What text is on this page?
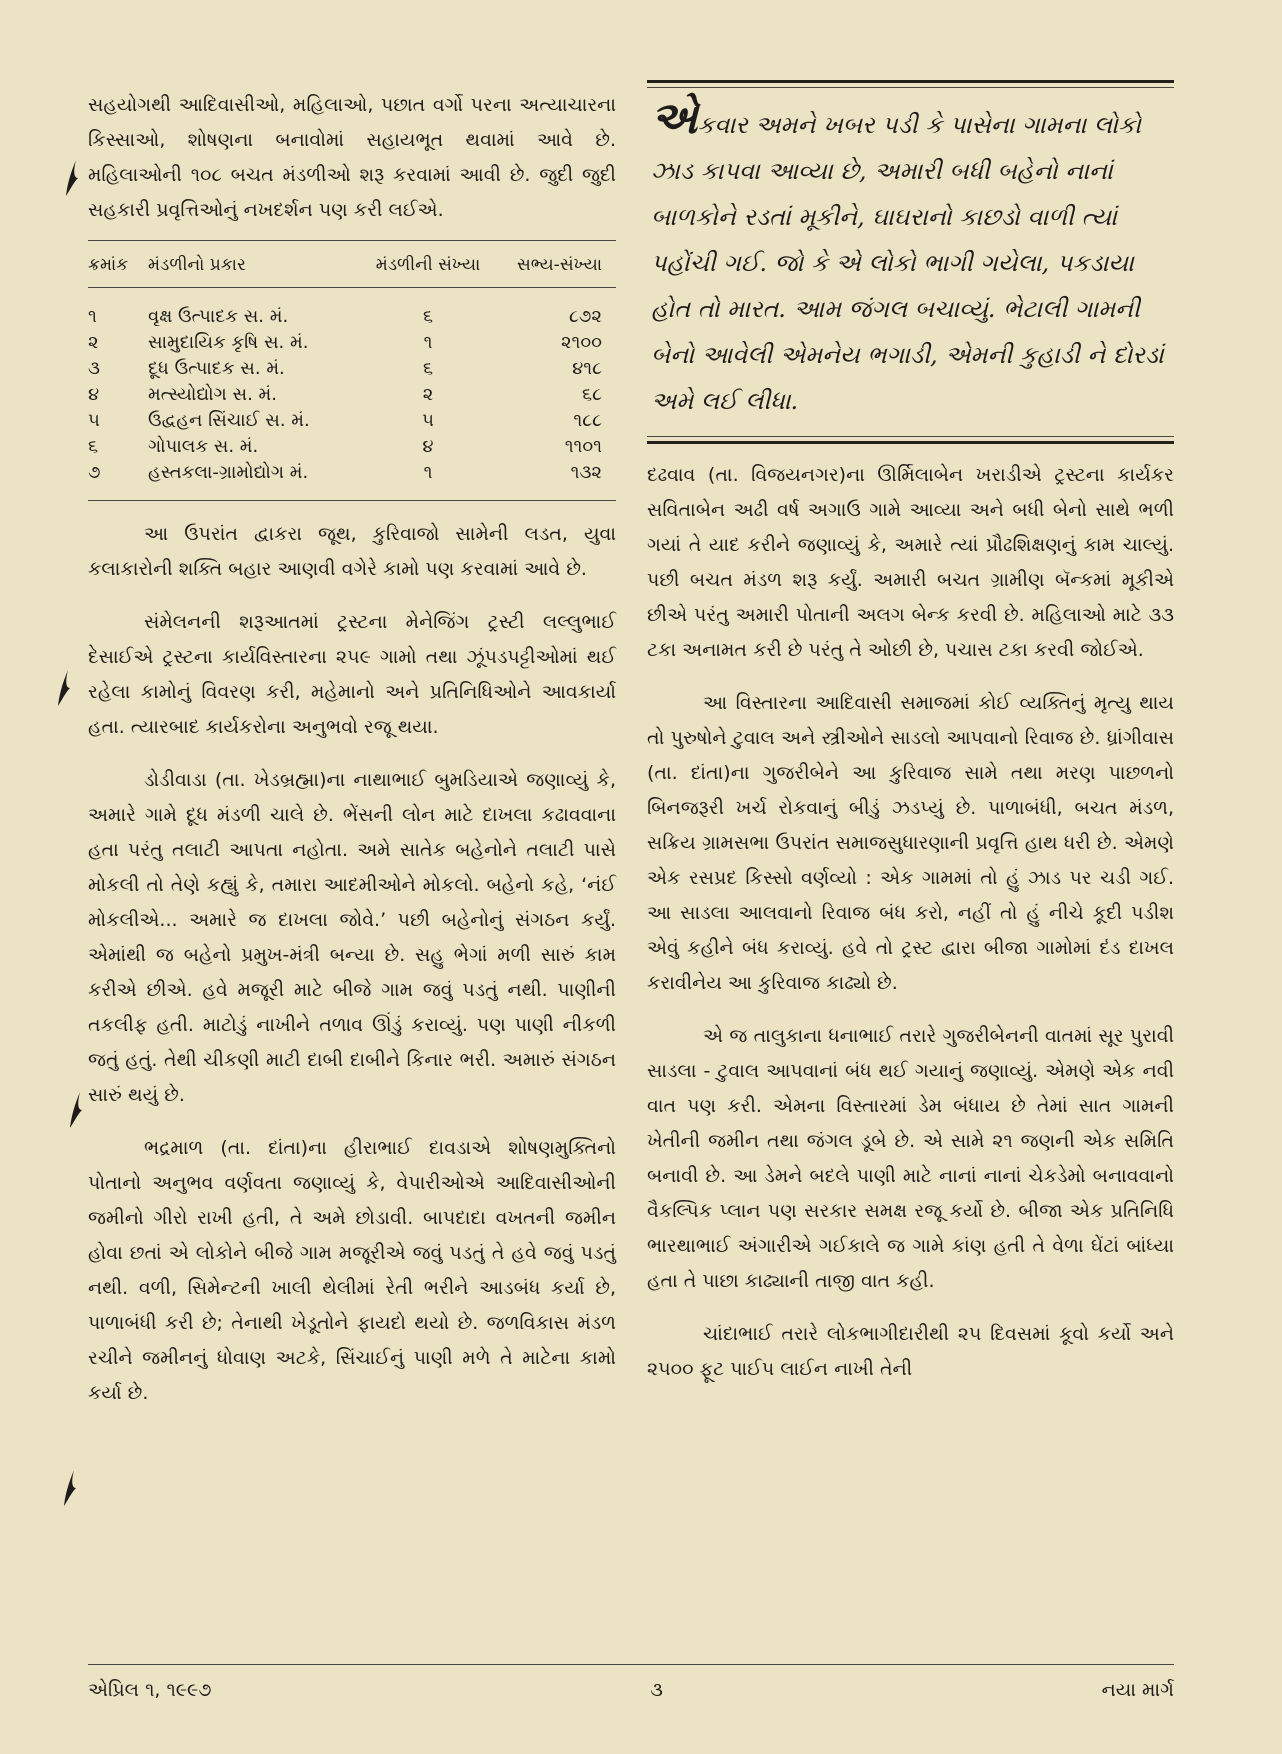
સહયોગથી આદિવાસીઓ, મહિલાઓ, પછાત વર્ગો પરના અત્યાચારના કિસ્સાઓ, શોષણના બનાવોમાં સહાયભૂત થવામાં આવે છે. મહિલાઓની ૧૦૮ બચત મંડળીઓ શરૂ કરવામાં આવી છે. જુદી જુદી સહકારી પ્રવૃત્તિઓનું નખદર્શન પણ કરી લઈએ.

ક્રમાંક	મંડળીનો પ્રકાર	મંડળીની સંખ્યા	સભ્ય-સંખ્યા

૧	વૃક્ષ ઉત્પાદક સ. મં.	૬	૮૭૨
૨	સામુદાયિક કૃષિ સ. મં.	૧	૨૧૦૦
૩	દૂધ ઉત્પાદક સ. મં.	૬	૪૧૮
૪	મત્સ્યોદ્યોગ સ. મં.	૨	૬૮
૫	ઉદ્વહન સિંચાઈ સ. મં.	૫	૧૮૮
૬	ગોપાલક સ. મં.	૪	૧૧૦૧
૭	હસ્તકલા-ગ્રામોદ્યોગ મં.	૧	૧૩૨

આ ઉપરાંત દ્વાકરા જૂથ, કુરિવાજો સામેની લડત, યુવા કલાકારોની શક્તિ બહાર આણવી વગેરે કામો પણ કરવામાં આવે છે.

સંમેલનની શરૂઆતમાં ટ્રસ્ટના મેનેજિંગ ટ્રસ્ટી લલ્લુભાઈ દેસાઈએ ટ્રસ્ટના કાર્યવિસ્તારના ૨૫૯ ગામો તથા ઝૂંપડપટ્ટીઓમાં થઈ રહેલા કામોનું વિવરણ કરી, મહેમાનો અને પ્રતિનિધિઓને આવકાર્યા હતા. ત્યારબાદ કાર્યકરોના અનુભવો રજૂ થયા.

ડોડીવાડા (તા. ખેડબ્રહ્મા)ના નાથાભાઈ બુમડિયાએ જણાવ્યું કે, અમારે ગામે દૂધ મંડળી ચાલે છે. ભેંસની લોન માટે દાખલા કઢાવવાના હતા પરંતુ તલાટી આપતા નહોતા. અમે સાતેક બહેનોને તલાટી પાસે મોકલી તો તેણે કહ્યું કે, તમારા આદમીઓને મોકલો. બહેનો કહે, ‘નંઈ મોકલીએ... અમારે જ દાખલા જોવે.’ પછી બહેનોનું સંગઠન કર્યું. એમાંથી જ બહેનો પ્રમુખ-મંત્રી બન્યા છે. સહુ ભેગાં મળી સારું કામ કરીએ છીએ. હવે મજૂરી માટે બીજે ગામ જવું પડતું નથી. પાણીની તકલીફ હતી. માટોડું નાખીને તળાવ ઊંડું કરાવ્યું. પણ પાણી નીકળી જતું હતું. તેથી ચીકણી માટી દાબી દાબીને કિનાર ભરી. અમારું સંગઠન સારું થયું છે.

ભદ્રમાળ (તા. દાંતા)ના હીરાભાઈ દાવડાએ શોષણમુક્તિનો પોતાનો અનુભવ વર્ણવતા જણાવ્યું કે, વેપારીઓએ આદિવાસીઓની જમીનો ગીરો રાખી હતી, તે અમે છોડાવી. બાપદાદા વખતની જમીન હોવા છતાં એ લોકોને બીજે ગામ મજૂરીએ જવું પડતું તે હવે જવું પડતું નથી. વળી, સિમેન્ટની ખાલી થેલીમાં રેતી ભરીને આડબંધ કર્યા છે, પાળાબંધી કરી છે; તેનાથી ખેડૂતોને ફાયદો થયો છે. જળવિકાસ મંડળ રચીને જમીનનું ધોવાણ અટકે, સિંચાઈનું પાણી મળે તે માટેના કામો કર્યા છે.

એકવાર અમને ખબર પડી કે પાસેના ગામના લોકો ઝાડ કાપવા આવ્યા છે, અમારી બધી બહેનો નાનાં બાળકોને રડતાં મૂકીને, ઘાઘરાનો કાછડો વાળી ત્યાં પહોંચી ગઈ. જો કે એ લોકો ભાગી ગયેલા, પકડાયા હોત તો મારત. આમ જંગલ બચાવ્યું. ભેટાલી ગામની બેનો આવેલી એમનેય ભગાડી, એમની કુહાડી ને દોરડાં અમે લઈ લીધા.

દઢવાવ (તા. વિજયનગર)ના ઊર્મિલાબેન ખરાડીએ ટ્રસ્ટના કાર્યકર સવિતાબેન અઢી વર્ષ અગાઉ ગામે આવ્યા અને બધી બેનો સાથે ભળી ગયાં તે યાદ કરીને જણાવ્યું કે, અમારે ત્યાં પ્રૌઢશિક્ષણનું કામ ચાલ્યું. પછી બચત મંડળ શરૂ કર્યું. અમારી બચત ગ્રામીણ બૅન્કમાં મૂકીએ છીએ પરંતુ અમારી પોતાની અલગ બેન્ક કરવી છે. મહિલાઓ માટે ૩૩ ટકા અનામત કરી છે પરંતુ તે ઓછી છે, પચાસ ટકા કરવી જોઈએ.

આ વિસ્તારના આદિવાસી સમાજમાં કોઈ વ્યક્તિનું મૃત્યુ થાય તો પુરુષોને ટુવાલ અને સ્ત્રીઓને સાડલો આપવાનો રિવાજ છે. ધ્રાંગીવાસ (તા. દાંતા)ના ગુજરીબેને આ કુરિવાજ સામે તથા મરણ પાછળનો બિનજરૂરી ખર્ચ રોકવાનું બીડું ઝડપ્યું છે. પાળાબંધી, બચત મંડળ, સક્રિય ગ્રામસભા ઉપરાંત સમાજસુધારણાની પ્રવૃત્તિ હાથ ધરી છે. એમણે એક રસપ્રદ કિસ્સો વર્ણવ્યો : એક ગામમાં તો હું ઝાડ પર ચડી ગઈ. આ સાડલા આલવાનો રિવાજ બંધ કરો, નહીં તો હું નીચે કૂદી પડીશ એવું કહીને બંધ કરાવ્યું. હવે તો ટ્રસ્ટ દ્વારા બીજા ગામોમાં દંડ દાખલ કરાવીનેય આ કુરિવાજ કાઢ્યો છે.

એ જ તાલુકાના ધનાભાઈ તરારે ગુજરીબેનની વાતમાં સૂર પુરાવી સાડલા - ટુવાલ આપવાનાં બંધ થઈ ગયાનું જણાવ્યું. એમણે એક નવી વાત પણ કરી. એમના વિસ્તારમાં ડેમ બંધાય છે તેમાં સાત ગામની ખેતીની જમીન તથા જંગલ ડૂબે છે. એ સામે ૨૧ જણની એક સમિતિ બનાવી છે. આ ડેમને બદલે પાણી માટે નાનાં નાનાં ચેકડેમો બનાવવાનો વૈકલ્પિક પ્લાન પણ સરકાર સમક્ષ રજૂ કર્યો છે. બીજા એક પ્રતિનિધિ ભારથાભાઈ અંગારીએ ગઈકાલે જ ગામે કાંણ હતી તે વેળા ઘેંટાં બાંધ્યા હતા તે પાછા કાઢ્યાની તાજી વાત કહી.

ચાંદાભાઈ તરારે લોકભાગીદારીથી ૨૫ દિવસમાં કૂવો કર્યો અને ૨૫૦૦ ફૂટ પાઈપ લાઈન નાખી તેની

એપ્રિલ ૧, ૧૯૯૭	૩	નયા માર્ગ
